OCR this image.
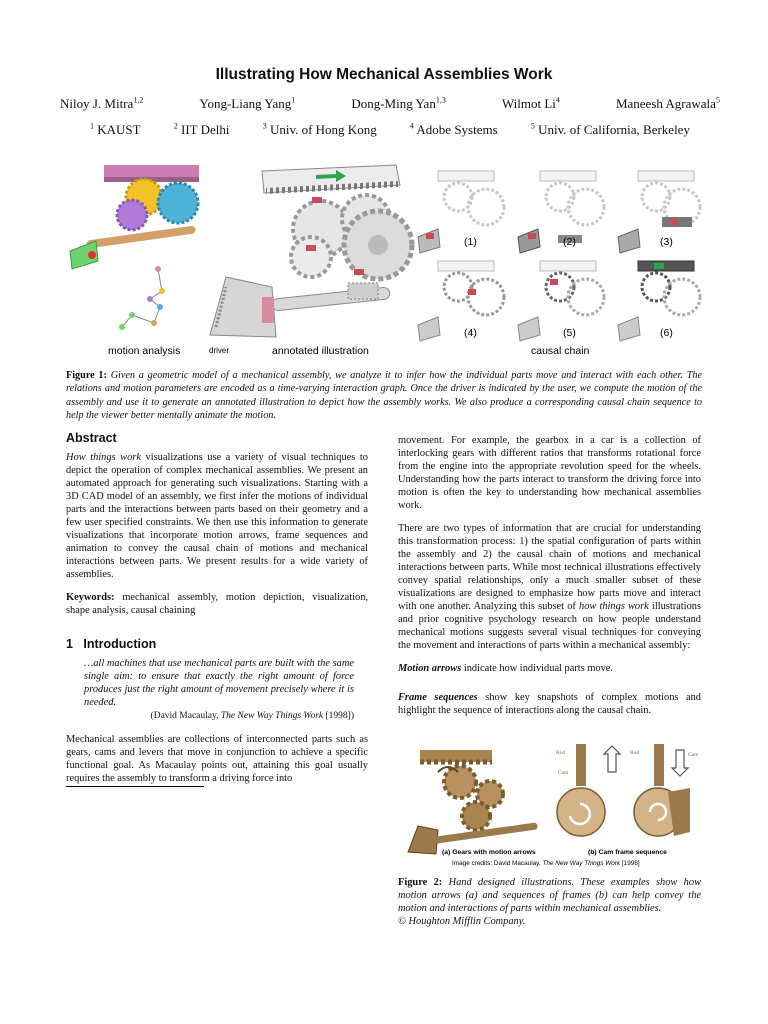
Illustrating How Mechanical Assemblies Work
Niloy J. Mitra$^{1,2}$	Yong-Liang Yang$^1$	Dong-Ming Yan$^{1,3}$	Wilmot Li$^4$	Maneesh Agrawala$^5$
$^1$ KAUST	$^2$ IIT Delhi	$^3$ Univ. of Hong Kong	$^4$ Adobe Systems	$^5$ Univ. of California, Berkeley
(1)	(2)	(3)
(4)	(5)	(6)
motion analysis	driver	annotated illustration	causal chain
Figure 1: Given a geometric model of a mechanical assembly, we analyze it to infer how the individual parts move and interact with each other. The relations and motion parameters are encoded as a time-varying interaction graph. Once the driver is indicated by the user, we compute the motion of the assembly and use it to generate an annotated illustration to depict how the assembly works. We also produce a corresponding causal chain sequence to help the viewer better mentally animate the motion.
Abstract

How things work visualizations use a variety of visual techniques to depict the operation of complex mechanical assemblies. We present an automated approach for generating such visualizations. Starting with a 3D CAD model of an assembly, we first infer the motions of individual parts and the interactions between parts based on their geometry and a few user specified constraints. We then use this information to generate visualizations that incorporate motion arrows, frame sequences and animation to convey the causal chain of motions and mechanical interactions between parts. We present results for a wide variety of assemblies.

Keywords: mechanical assembly, motion depiction, visualization, shape analysis, causal chaining

1 Introduction

…all machines that use mechanical parts are built with the same single aim: to ensure that exactly the right amount of force produces just the right amount of movement precisely where it is needed.

(David Macaulay, The New Way Things Work [1998])

Mechanical assemblies are collections of interconnected parts such as gears, cams and levers that move in conjunction to achieve a specific functional goal. As Macaulay points out, attaining this goal usually requires the assembly to transform a driving force into

movement. For example, the gearbox in a car is a collection of interlocking gears with different ratios that transforms rotational force from the engine into the appropriate revolution speed for the wheels. Understanding how the parts interact to transform the driving force into motion is often the key to understanding how mechanical assemblies work.

There are two types of information that are crucial for understanding this transformation process: 1) the spatial configuration of parts within the assembly and 2) the causal chain of motions and mechanical interactions between parts. While most technical illustrations effectively convey spatial relationships, only a much smaller subset of these visualizations are designed to emphasize how parts move and interact with one another. Analyzing this subset of how things work illustrations and prior cognitive psychology research on how people understand mechanical motions suggests several visual techniques for conveying the movement and interactions of parts within a mechanical assembly:

Motion arrows indicate how individual parts move.

Frame sequences show key snapshots of complex motions and highlight the sequence of interactions along the causal chain.

Rod
Cam
Rod	Cam
(a) Gears with motion arrows	(b) Cam frame sequence
Image credits: David Macaulay, The New Way Things Work [1998]
Figure 2: Hand designed illustrations. These examples show how motion arrows (a) and sequences of frames (b) can help convey the motion and interactions of parts within mechanical assemblies.
© Houghton Mifflin Company.
